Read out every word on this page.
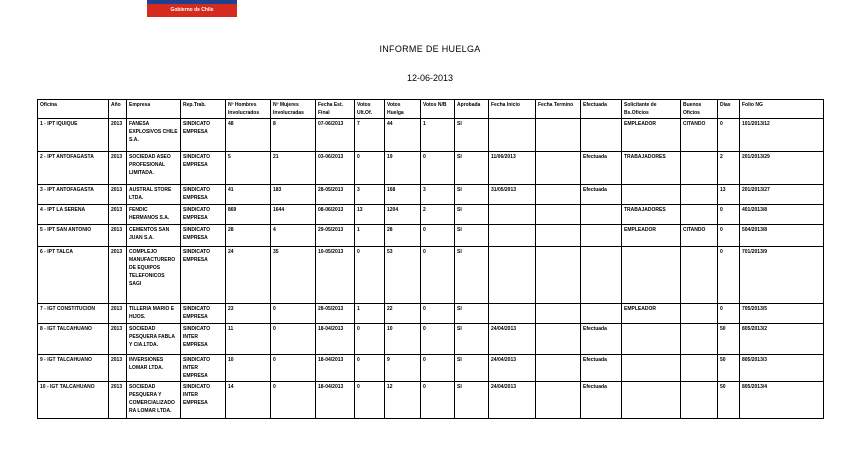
Gobierno de Chile
INFORME DE HUELGA
12-06-2013
Oficina	Año	Empresa	Rep.Trab.	Nº Hombres Involucrados	Nº Mujeres Involucradas	Fecha Est. Final	Votos Ult.Of.	Votos Huelga	Votos N/B	Aprobada	Fecha Inicio	Fecha Termino	Efectuada	Solicitante de Bs.Oficios	Buenos Oficios	Días	Folio NG
1 - IPT IQUIQUE	2013	FANESA EXPLOSIVOS CHILE S.A.	SINDICATO EMPRESA	48	8	07-06/2013	7	44	1	SI				EMPLEADOR	CITANDO	0	101/2013/12
2 - IPT ANTOFAGASTA	2013	SOCIEDAD ASEO PROFESIONAL LIMITADA.	SINDICATO EMPRESA	5	21	03-06/2013	0	19	0	SI	11/06/2013		Efectuada	TRABAJADORES		2	201/2013/29
3 - IPT ANTOFAGASTA	2013	AUSTRAL STORE LTDA.	SINDICATO EMPRESA	41	183	28-05/2013	3	168	3	SI	31/05/2013		Efectuada			13	201/2013/27
4 - IPT LA SERENA	2013	FENDIC HERMANOS S.A.	SINDICATO EMPRESA	869	1644	08-06/2013	13	1204	2	SI				TRABAJADORES		0	401/2013/8
5 - IPT SAN ANTONIO	2013	CEMENTOS SAN JUAN S.A.	SINDICATO EMPRESA	28	4	29-05/2013	1	28	0	SI				EMPLEADOR	CITANDO	0	504/2013/8
6 - IPT TALCA	2013	COMPLEJO MANUFACTURERO DE EQUIPOS TELEFONICOS SAGI	SINDICATO EMPRESA	24	35	10-05/2013	0	53	0	SI						0	701/2013/9
7 - IGT CONSTITUCION	2013	TILLERIA MARIO E HIJOS.	SINDICATO EMPRESA	23	0	28-05/2013	1	22	0	SI				EMPLEADOR		0	705/2013/5
8 - IGT TALCAHUANO	2013	SOCIEDAD PESQUERA FABLA Y CIA.LTDA.	SINDICATO INTER EMPRESA	11	0	18-04/2013	0	10	0	SI	24/04/2013		Efectuada			50	805/2013/2
9 - IGT TALCAHUANO	2013	INVERSIONES LOMAR LTDA.	SINDICATO INTER EMPRESA	10	0	18-04/2013	0	9	0	SI	24/04/2013		Efectuada			50	805/2013/3
10 - IGT TALCAHUANO	2013	SOCIEDAD PESQUERA Y COMERCIALIZADORA LOMAR LTDA.	SINDICATO INTER EMPRESA	14	0	18-04/2013	0	12	0	SI	24/04/2013		Efectuada			50	805/2013/4
